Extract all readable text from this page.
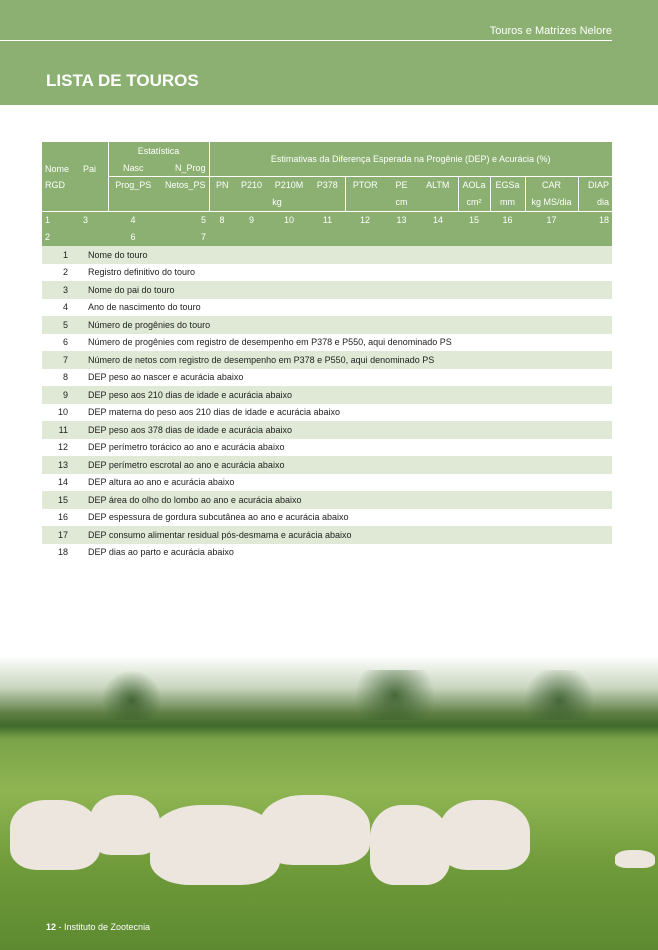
Touros e Matrizes Nelore
LISTA DE TOUROS
Nome	Pai	Estatística		Estimativas da Diferença Esperada na Progênie (DEP) e Acurácia (%)										
		Nasc	N_Prog											
RGD		Prog_PS	Netos_PS	PN	P210	P210M	P378	PTOR	PE	ALTM	AOLa	EGSa	CAR	DIAP
				kg				cm			cm²	mm	kg MS/dia	dia
1	3	4	5	8	9	10	11	12	13	14	15	16	17	18
2		6	7											
1 Nome do touro
2 Registro definitivo do touro
3 Nome do pai do touro
4 Ano de nascimento do touro
5 Número de progênies do touro
6 Número de progênies com registro de desempenho em P378 e P550, aqui denominado PS
7 Número de netos com registro de desempenho em P378 e P550, aqui denominado PS
8 DEP peso ao nascer e acurácia abaixo
9 DEP peso aos 210 dias de idade e acurácia abaixo
10 DEP materna do peso aos 210 dias de idade e acurácia abaixo
11 DEP peso aos 378 dias de idade e acurácia abaixo
12 DEP perímetro torácico ao ano e acurácia abaixo
13 DEP perímetro escrotal ao ano e acurácia abaixo
14 DEP altura ao ano e acurácia abaixo
15 DEP área do olho do lombo ao ano e acurácia abaixo
16 DEP espessura de gordura subcutânea ao ano e acurácia abaixo
17 DEP consumo alimentar residual pós-desmama e acurácia abaixo
18 DEP dias ao parto e acurácia abaixo
12 - Instituto de Zootecnia
